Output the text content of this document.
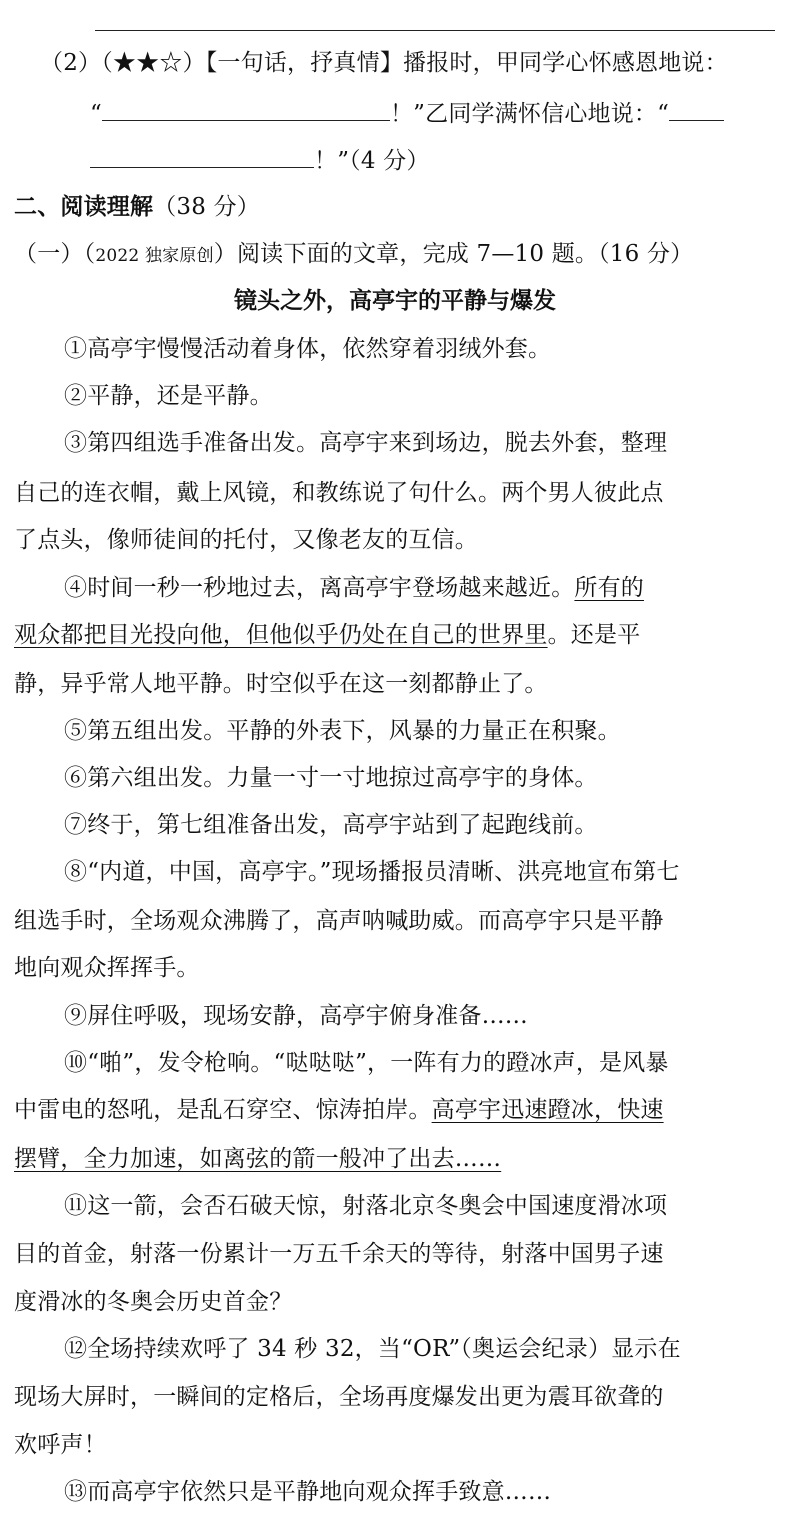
（2）（★★☆）【一句话，抒真情】播报时，甲同学心怀感恩地说：
“	！”乙同学满怀信心地说：“
！”（4 分）
二、阅读理解（38 分）
（一）（2022 独家原创）阅读下面的文章，完成 7—10 题。（16 分）
镜头之外，高亭宇的平静与爆发
①高亭宇慢慢活动着身体，依然穿着羽绒外套。
②平静，还是平静。
③第四组选手准备出发。高亭宇来到场边，脱去外套，整理
自己的连衣帽，戴上风镜，和教练说了句什么。两个男人彼此点
了点头，像师徒间的托付，又像老友的互信。
④时间一秒一秒地过去，离高亭宇登场越来越近。所有的
观众都把目光投向他，但他似乎仍处在自己的世界里。还是平
静，异乎常人地平静。时空似乎在这一刻都静止了。
⑤第五组出发。平静的外表下，风暴的力量正在积聚。
⑥第六组出发。力量一寸一寸地掠过高亭宇的身体。
⑦终于，第七组准备出发，高亭宇站到了起跑线前。
⑧“内道，中国，高亭宇。”现场播报员清晰、洪亮地宣布第七
组选手时，全场观众沸腾了，高声呐喊助威。而高亭宇只是平静
地向观众挥挥手。
⑨屏住呼吸，现场安静，高亭宇俯身准备……
⑩“啪”，发令枪响。“哒哒哒”，一阵有力的蹬冰声，是风暴
中雷电的怒吼，是乱石穿空、惊涛拍岸。高亭宇迅速蹬冰，快速
摆臂，全力加速，如离弦的箭一般冲了出去……
⑪这一箭，会否石破天惊，射落北京冬奥会中国速度滑冰项
目的首金，射落一份累计一万五千余天的等待，射落中国男子速
度滑冰的冬奥会历史首金？
⑫全场持续欢呼了 34 秒 32，当“OR”（奥运会纪录）显示在
现场大屏时，一瞬间的定格后，全场再度爆发出更为震耳欲聋的
欢呼声！
⑬而高亭宇依然只是平静地向观众挥手致意……
